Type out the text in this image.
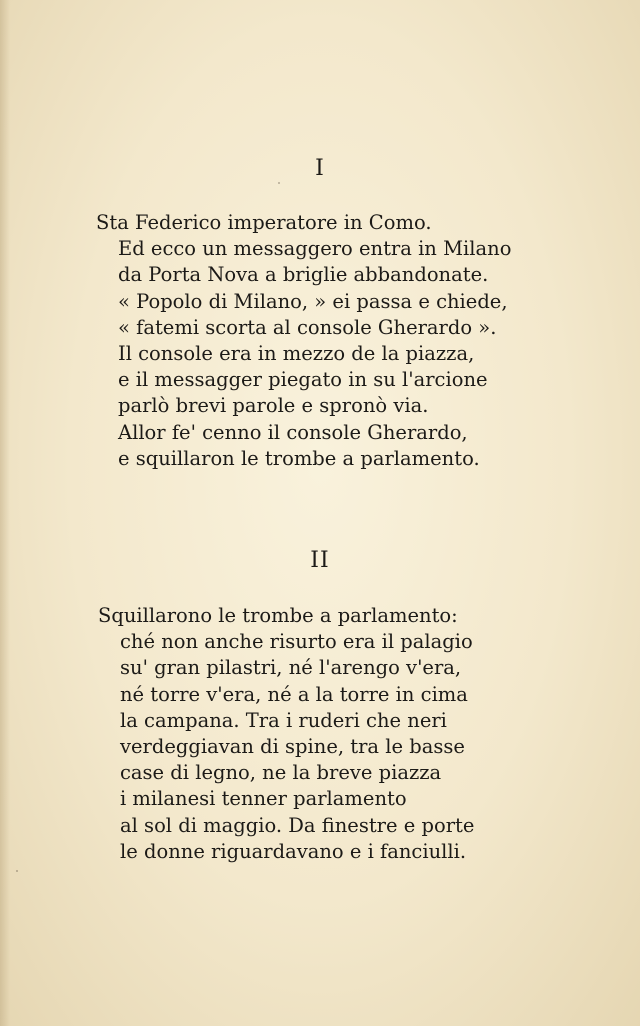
I
Sta Federico imperatore in Como.
Ed ecco un messaggero entra in Milano
da Porta Nova a briglie abbandonate.
« Popolo di Milano, » ei passa e chiede,
« fatemi scorta al console Gherardo ».
Il console era in mezzo de la piazza,
e il messagger piegato in su l'arcione
parlò brevi parole e spronò via.
Allor fe' cenno il console Gherardo,
e squillaron le trombe a parlamento.
II
Squillarono le trombe a parlamento:
ché non anche risurto era il palagio
su' gran pilastri, né l'arengo v'era,
né torre v'era, né a la torre in cima
la campana. Tra i ruderi che neri
verdeggiavan di spine, tra le basse
case di legno, ne la breve piazza
i milanesi tenner parlamento
al sol di maggio. Da finestre e porte
le donne riguardavano e i fanciulli.
